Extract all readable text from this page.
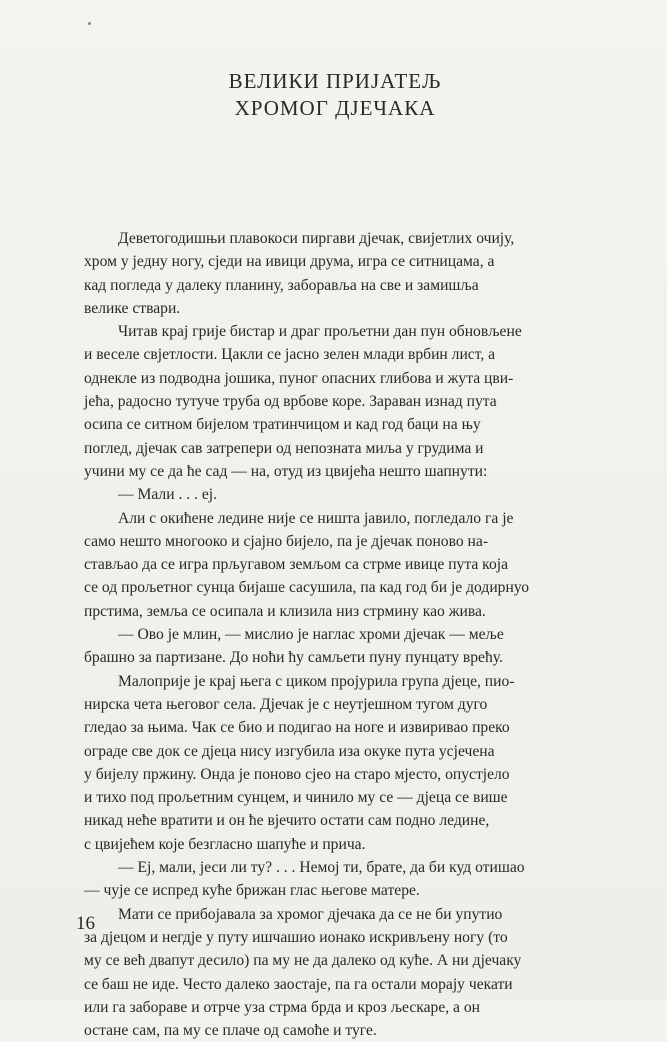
ВЕЛИКИ ПРИЈАТЕЉ
ХРОМОГ ДЈЕЧАКА

Деветогодишњи плавокоси пиргави дјечак, свијетлих очију,
хром у једну ногу, сједи на ивици друма, игра се ситницама, а
кад погледа у далеку планину, заборавља на све и замишља
велике ствари.

Читав крај грије бистар и драг прољетни дан пун обновљене
и веселе свјетлости. Цакли се јасно зелен млади врбин лист, а
однекле из подводна јошика, пуног опасних глибова и жута цви-
јећа, радосно тутуче труба од врбове коре. Зараван изнад пута
осипа се ситном бијелом тратинчицом и кад год баци на њу
поглед, дјечак сав затрепери од непозната миља у грудима и
учини му се да ће сад — на, отуд из цвијећа нешто шапнути:

— Мали . . . еј.

Али с окићене ледине није се ништа јавило, погледало га је
само нешто многооко и сјајно бијело, па је дјечак поново на-
стављао да се игра прљугавом земљом са стрме ивице пута која
се од прољетног сунца бијаше сасушила, па кад год би је додирнуо
прстима, земља се осипала и клизила низ стрмину као жива.

— Ово је млин, — мислио је наглас хроми дјечак — меље
брашно за партизане. До ноћи ћу самљети пуну пунцату врећу.

Малоприје је крај њега с циком пројурила група дјеце, пио-
нирска чета његовог села. Дјечак је с неутјешном тугом дуго
гледао за њима. Чак се био и подигао на ноге и извиривао преко
ограде све док се дјеца нису изгубила иза окуке пута усјечена
у бијелу пржину. Онда је поново сјео на старо мјесто, опустјело
и тихо под прољетним сунцем, и чинило му се — дјеца се више
никад неће вратити и он ће вјечито остати сам подно ледине,
с цвијећем које безгласно шапуће и прича.

— Еј, мали, јеси ли ту? . . . Немој ти, брате, да би куд отишао
— чује се испред куће брижан глас његове матере.

Мати се прибојавала за хромог дјечака да се не би упутио
за дјецом и негдје у путу ишчашио ионако искривљену ногу (то
му се већ двапут десило) па му не да далеко од куће. А ни дјечаку
се баш не иде. Често далеко заостаје, па га остали морају чекати
или га забораве и отрче уза стрма брда и кроз љескаре, а он
остане сам, па му се плаче од самоће и туге.

16
